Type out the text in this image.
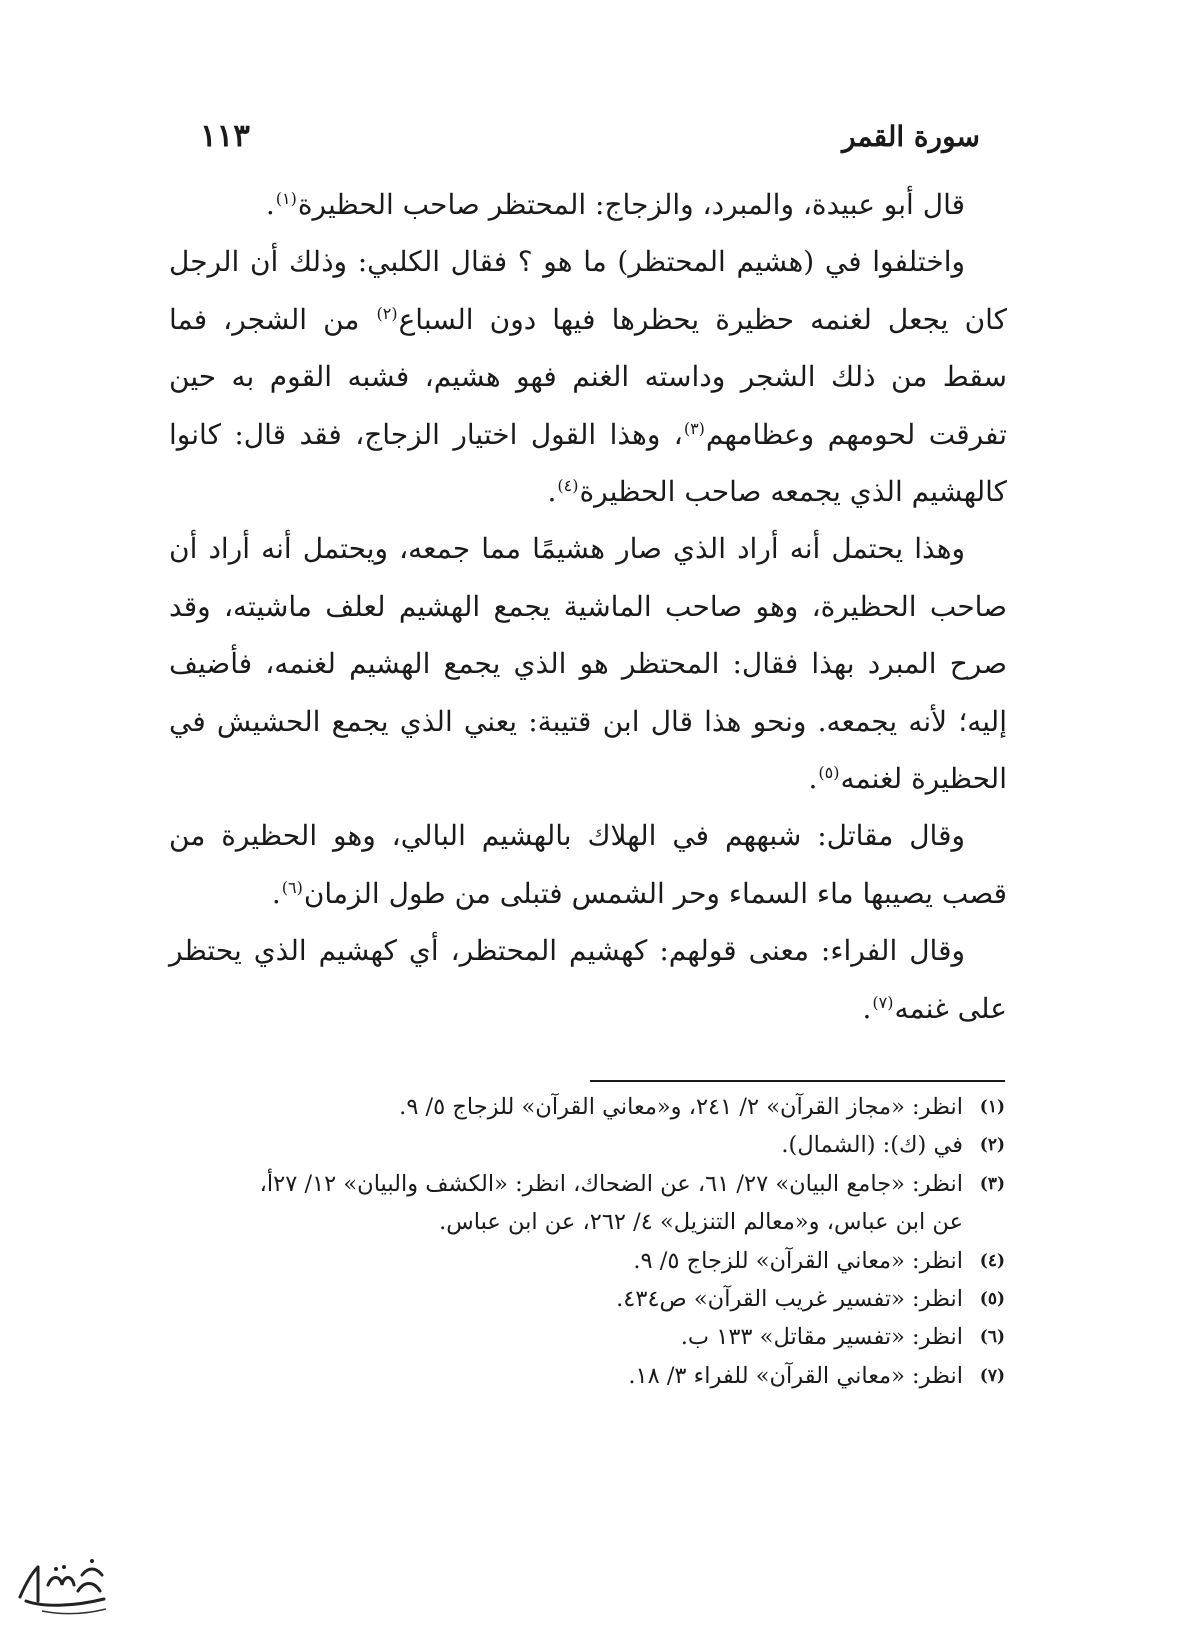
سورة القمر
١١٣

قال أبو عبيدة، والمبرد، والزجاج: المحتظر صاحب الحظيرة$^{(١)}$.

واختلفوا في (هشيم المحتظر) ما هو ؟ فقال الكلبي: وذلك أن الرجل كان يجعل لغنمه حظيرة يحظرها فيها دون السباع$^{(٢)}$ من الشجر، فما سقط من ذلك الشجر وداسته الغنم فهو هشيم، فشبه القوم به حين تفرقت لحومهم وعظامهم$^{(٣)}$، وهذا القول اختيار الزجاج، فقد قال: كانوا كالهشيم الذي يجمعه صاحب الحظيرة$^{(٤)}$.

وهذا يحتمل أنه أراد الذي صار هشيمًا مما جمعه، ويحتمل أنه أراد أن صاحب الحظيرة، وهو صاحب الماشية يجمع الهشيم لعلف ماشيته، وقد صرح المبرد بهذا فقال: المحتظر هو الذي يجمع الهشيم لغنمه، فأضيف إليه؛ لأنه يجمعه. ونحو هذا قال ابن قتيبة: يعني الذي يجمع الحشيش في الحظيرة لغنمه$^{(٥)}$.

وقال مقاتل: شبههم في الهلاك بالهشيم البالي، وهو الحظيرة من قصب يصيبها ماء السماء وحر الشمس فتبلى من طول الزمان$^{(٦)}$.

وقال الفراء: معنى قولهم: كهشيم المحتظر، أي كهشيم الذي يحتظر على غنمه$^{(٧)}$.

(١)
انظر: «مجاز القرآن» ٢/ ٢٤١، و«معاني القرآن» للزجاج ٥/ ٩.
(٢)
في (ك): (الشمال).
(٣)
انظر: «جامع البيان» ٢٧/ ٦١، عن الضحاك، انظر: «الكشف والبيان» ١٢/ ٢٧أ،
عن ابن عباس، و«معالم التنزيل» ٤/ ٢٦٢، عن ابن عباس.
(٤)
انظر: «معاني القرآن» للزجاج ٥/ ٩.
(٥)
انظر: «تفسير غريب القرآن» ص٤٣٤.
(٦)
انظر: «تفسير مقاتل» ١٣٣ ب.
(٧)
انظر: «معاني القرآن» للفراء ٣/ ١٨.
